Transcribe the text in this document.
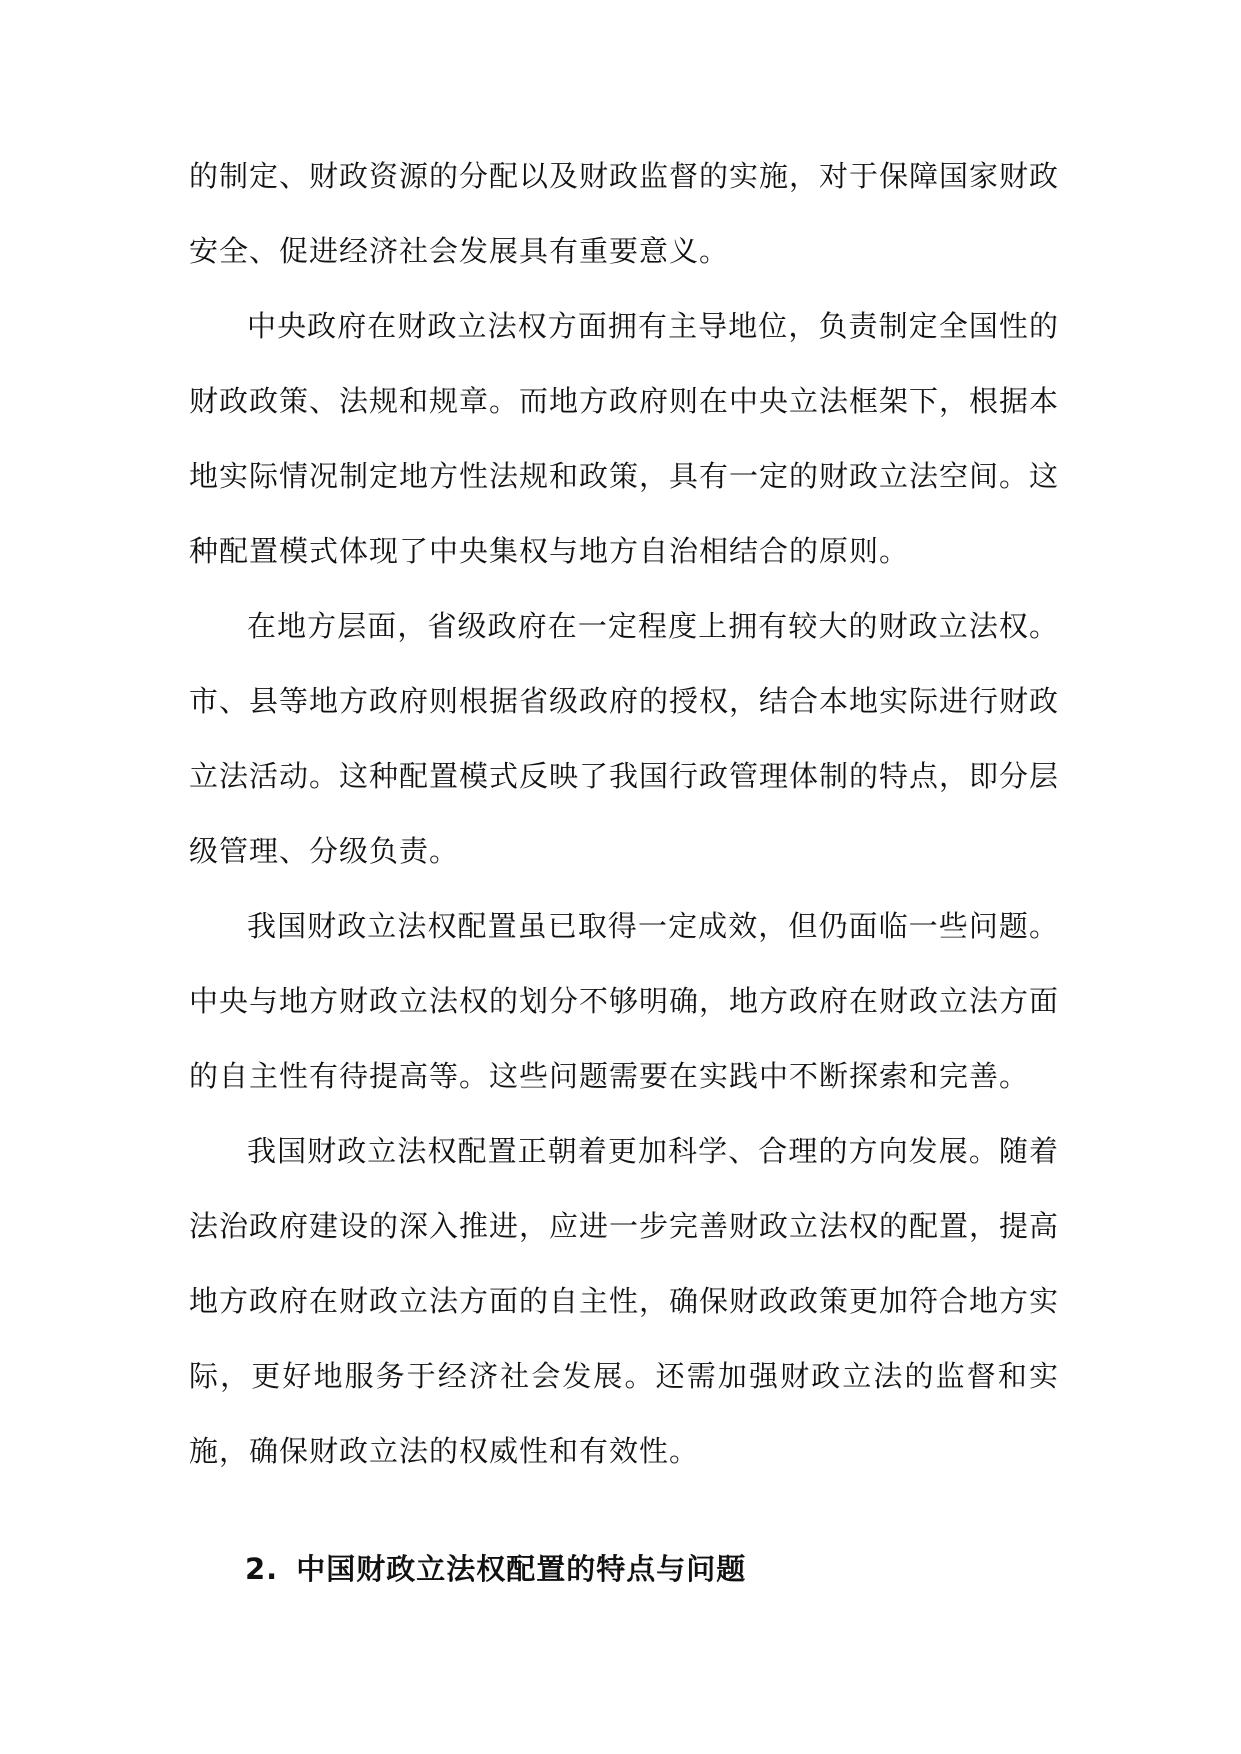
的制定、财政资源的分配以及财政监督的实施，对于保障国家财政安全、促进经济社会发展具有重要意义。

中央政府在财政立法权方面拥有主导地位，负责制定全国性的财政政策、法规和规章。而地方政府则在中央立法框架下，根据本地实际情况制定地方性法规和政策，具有一定的财政立法空间。这种配置模式体现了中央集权与地方自治相结合的原则。

在地方层面，省级政府在一定程度上拥有较大的财政立法权。市、县等地方政府则根据省级政府的授权，结合本地实际进行财政立法活动。这种配置模式反映了我国行政管理体制的特点，即分层级管理、分级负责。

我国财政立法权配置虽已取得一定成效，但仍面临一些问题。中央与地方财政立法权的划分不够明确，地方政府在财政立法方面的自主性有待提高等。这些问题需要在实践中不断探索和完善。

我国财政立法权配置正朝着更加科学、合理的方向发展。随着法治政府建设的深入推进，应进一步完善财政立法权的配置，提高地方政府在财政立法方面的自主性，确保财政政策更加符合地方实际，更好地服务于经济社会发展。还需加强财政立法的监督和实施，确保财政立法的权威性和有效性。

2. 中国财政立法权配置的特点与问题
